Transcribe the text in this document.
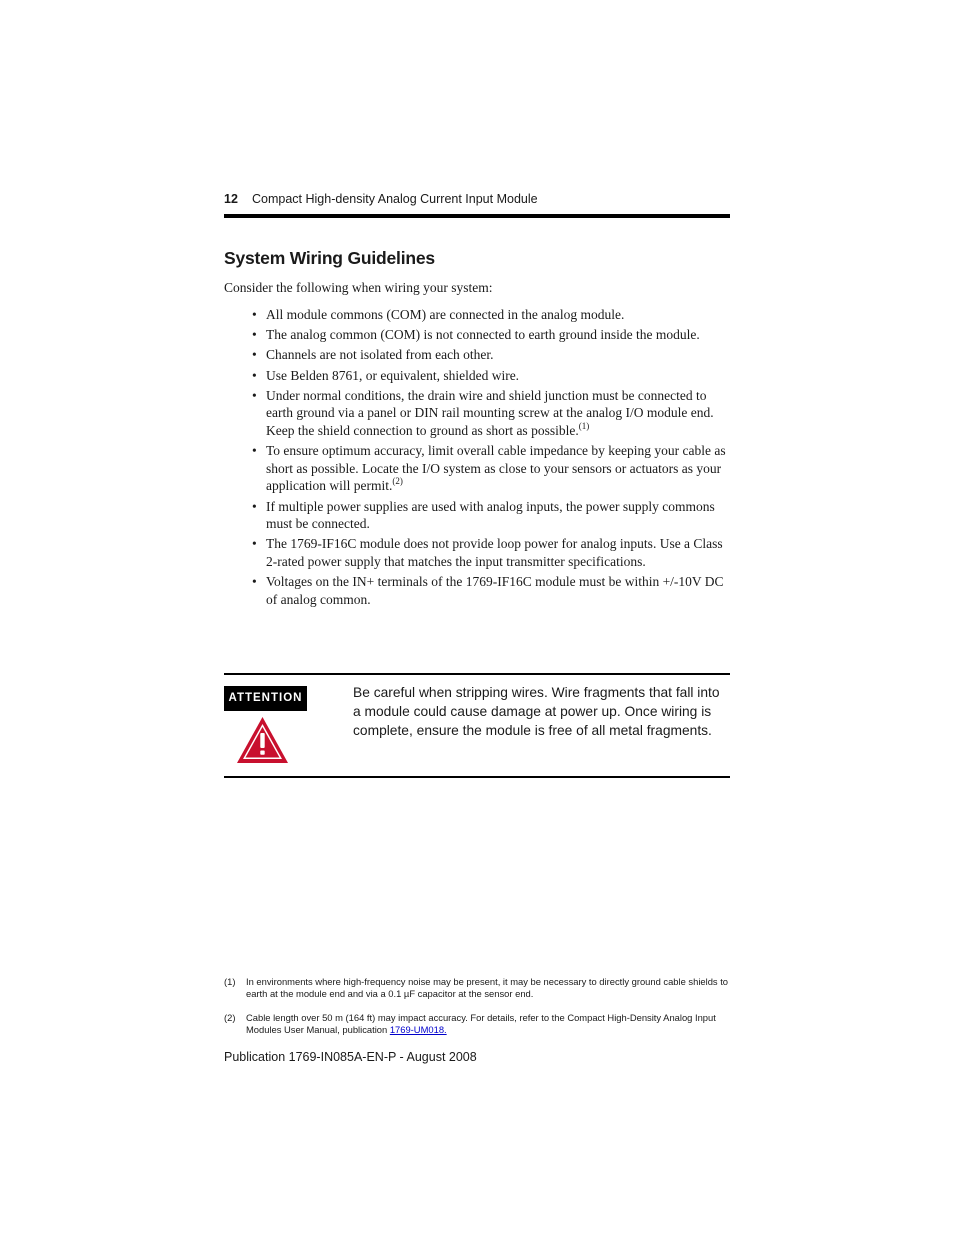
12 Compact High-density Analog Current Input Module
System Wiring Guidelines
Consider the following when wiring your system:
• All module commons (COM) are connected in the analog module.
• The analog common (COM) is not connected to earth ground inside the module.
• Channels are not isolated from each other.
• Use Belden 8761, or equivalent, shielded wire.
• Under normal conditions, the drain wire and shield junction must be connected to earth ground via a panel or DIN rail mounting screw at the analog I/O module end. Keep the shield connection to ground as short as possible.$^{(1)}$
• To ensure optimum accuracy, limit overall cable impedance by keeping your cable as short as possible. Locate the I/O system as close to your sensors or actuators as your application will permit.$^{(2)}$
• If multiple power supplies are used with analog inputs, the power supply commons must be connected.
• The 1769-IF16C module does not provide loop power for analog inputs. Use a Class 2-rated power supply that matches the input transmitter specifications.
• Voltages on the IN+ terminals of the 1769-IF16C module must be within +/-10V DC of analog common.
ATTENTION	Be careful when stripping wires. Wire fragments that fall into a module could cause damage at power up. Once wiring is complete, ensure the module is free of all metal fragments.
(1) In environments where high-frequency noise may be present, it may be necessary to directly ground cable shields to earth at the module end and via a 0.1 µF capacitor at the sensor end.
(2) Cable length over 50 m (164 ft) may impact accuracy. For details, refer to the Compact High-Density Analog Input Modules User Manual, publication 1769-UM018.
Publication 1769-IN085A-EN-P - August 2008
